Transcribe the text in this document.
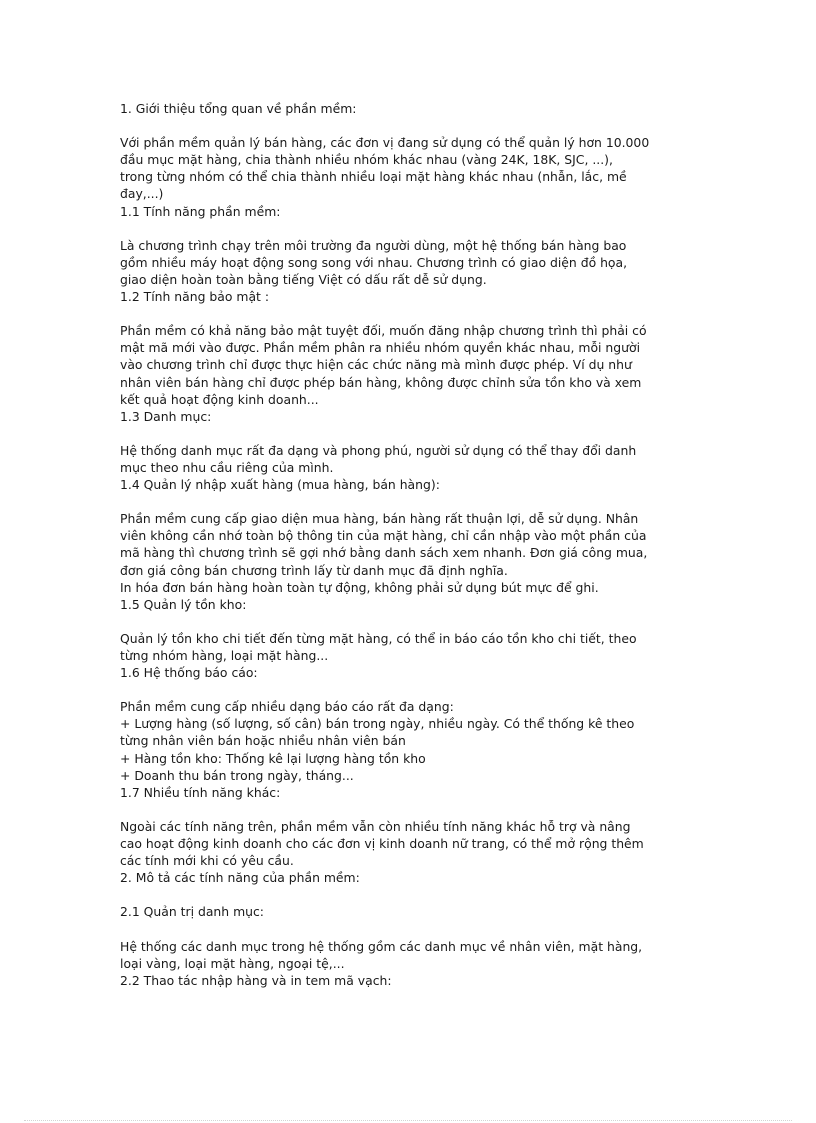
1. Giới thiệu tổng quan về phần mềm:
Với phần mềm quản lý bán hàng, các đơn vị đang sử dụng có thể quản lý hơn 10.000
đầu mục mặt hàng, chia thành nhiều nhóm khác nhau (vàng 24K, 18K, SJC, ...),
trong từng nhóm có thể chia thành nhiều loại mặt hàng khác nhau (nhẫn, lắc, mề
đay,...)
1.1 Tính năng phần mềm:
Là chương trình chạy trên môi trường đa người dùng, một hệ thống bán hàng bao
gồm nhiều máy hoạt động song song với nhau. Chương trình có giao diện đồ họa,
giao diện hoàn toàn bằng tiếng Việt có dấu rất dễ sử dụng.
1.2 Tính năng bảo mật :
Phần mềm có khả năng bảo mật tuyệt đối, muốn đăng nhập chương trình thì phải có
mật mã mới vào được. Phần mềm phân ra nhiều nhóm quyền khác nhau, mỗi người
vào chương trình chỉ được thực hiện các chức năng mà mình được phép. Ví dụ như
nhân viên bán hàng chỉ được phép bán hàng, không được chỉnh sửa tồn kho và xem
kết quả hoạt động kinh doanh...
1.3 Danh mục:
Hệ thống danh mục rất đa dạng và phong phú, người sử dụng có thể thay đổi danh
mục theo nhu cầu riêng của mình.
1.4 Quản lý nhập xuất hàng (mua hàng, bán hàng):
Phần mềm cung cấp giao diện mua hàng, bán hàng rất thuận lợi, dễ sử dụng. Nhân
viên không cần nhớ toàn bộ thông tin của mặt hàng, chỉ cần nhập vào một phần của
mã hàng thì chương trình sẽ gợi nhớ bằng danh sách xem nhanh. Đơn giá công mua,
đơn giá công bán chương trình lấy từ danh mục đã định nghĩa.
In hóa đơn bán hàng hoàn toàn tự động, không phải sử dụng bút mực để ghi.
1.5 Quản lý tồn kho:
Quản lý tồn kho chi tiết đến từng mặt hàng, có thể in báo cáo tồn kho chi tiết, theo
từng nhóm hàng, loại mặt hàng...
1.6 Hệ thống báo cáo:
Phần mềm cung cấp nhiều dạng báo cáo rất đa dạng:
+ Lượng hàng (số lượng, số cân) bán trong ngày, nhiều ngày. Có thể thống kê theo
từng nhân viên bán hoặc nhiều nhân viên bán
+ Hàng tồn kho: Thống kê lại lượng hàng tồn kho
+ Doanh thu bán trong ngày, tháng...
1.7 Nhiều tính năng khác:
Ngoài các tính năng trên, phần mềm vẫn còn nhiều tính năng khác hỗ trợ và nâng
cao hoạt động kinh doanh cho các đơn vị kinh doanh nữ trang, có thể mở rộng thêm
các tính mới khi có yêu cầu.
2. Mô tả các tính năng của phần mềm:
2.1 Quản trị danh mục:
Hệ thống các danh mục trong hệ thống gồm các danh mục về nhân viên, mặt hàng,
loại vàng, loại mặt hàng, ngoại tệ,...
2.2 Thao tác nhập hàng và in tem mã vạch:
